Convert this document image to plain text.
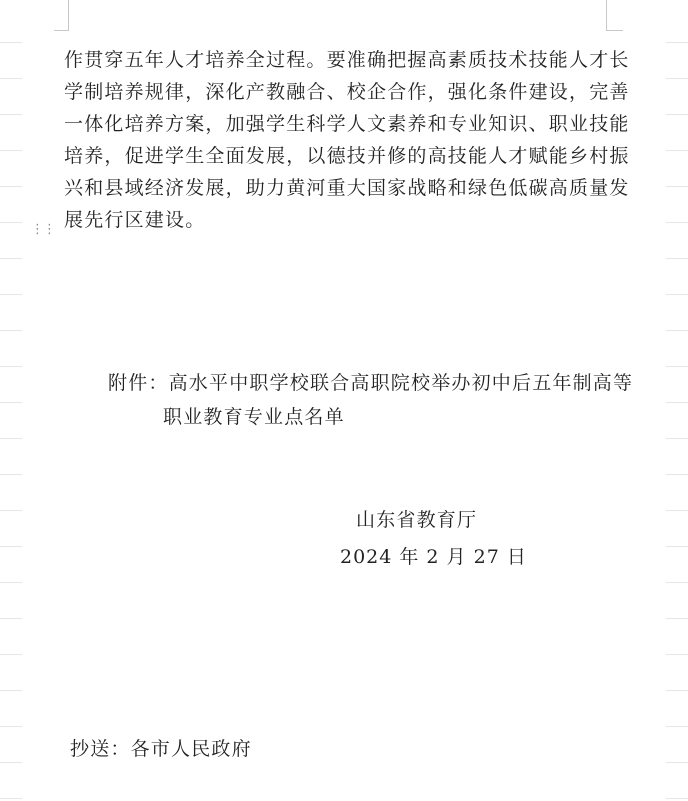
⋮⋮
作贯穿五年人才培养全过程。要准确把握高素质技术技能人才长
学制培养规律，深化产教融合、校企合作，强化条件建设，完善
一体化培养方案，加强学生科学人文素养和专业知识、职业技能
培养，促进学生全面发展，以德技并修的高技能人才赋能乡村振
兴和县域经济发展，助力黄河重大国家战略和绿色低碳高质量发
展先行区建设。
附件：高水平中职学校联合高职院校举办初中后五年制高等
职业教育专业点名单
山东省教育厅
2024 年 2 月 27 日
抄送：各市人民政府
